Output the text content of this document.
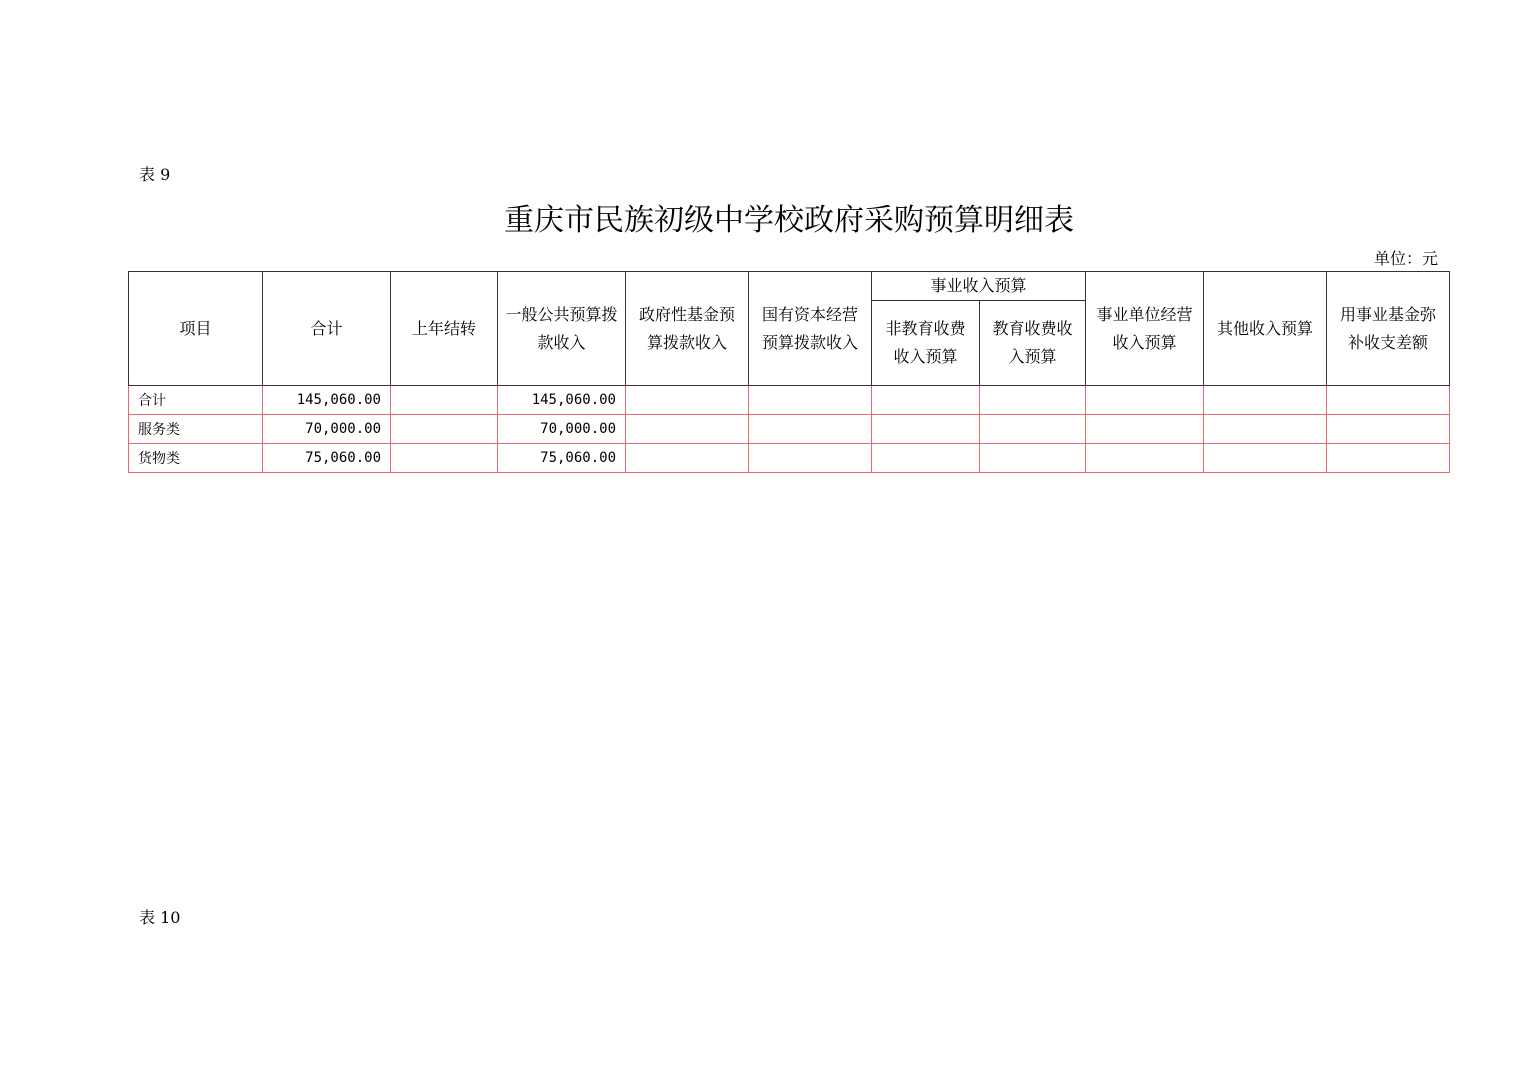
表 9
重庆市民族初级中学校政府采购预算明细表
单位：元
项目	合计	上年结转	一般公共预算拨款收入	政府性基金预算拨款收入	国有资本经营预算拨款收入	事业收入预算		事业单位经营收入预算	其他收入预算	用事业基金弥补收支差额
						非教育收费收入预算	教育收费收入预算			
合计	145,060.00		145,060.00							
服务类	70,000.00		70,000.00							
货物类	75,060.00		75,060.00							
表 10
